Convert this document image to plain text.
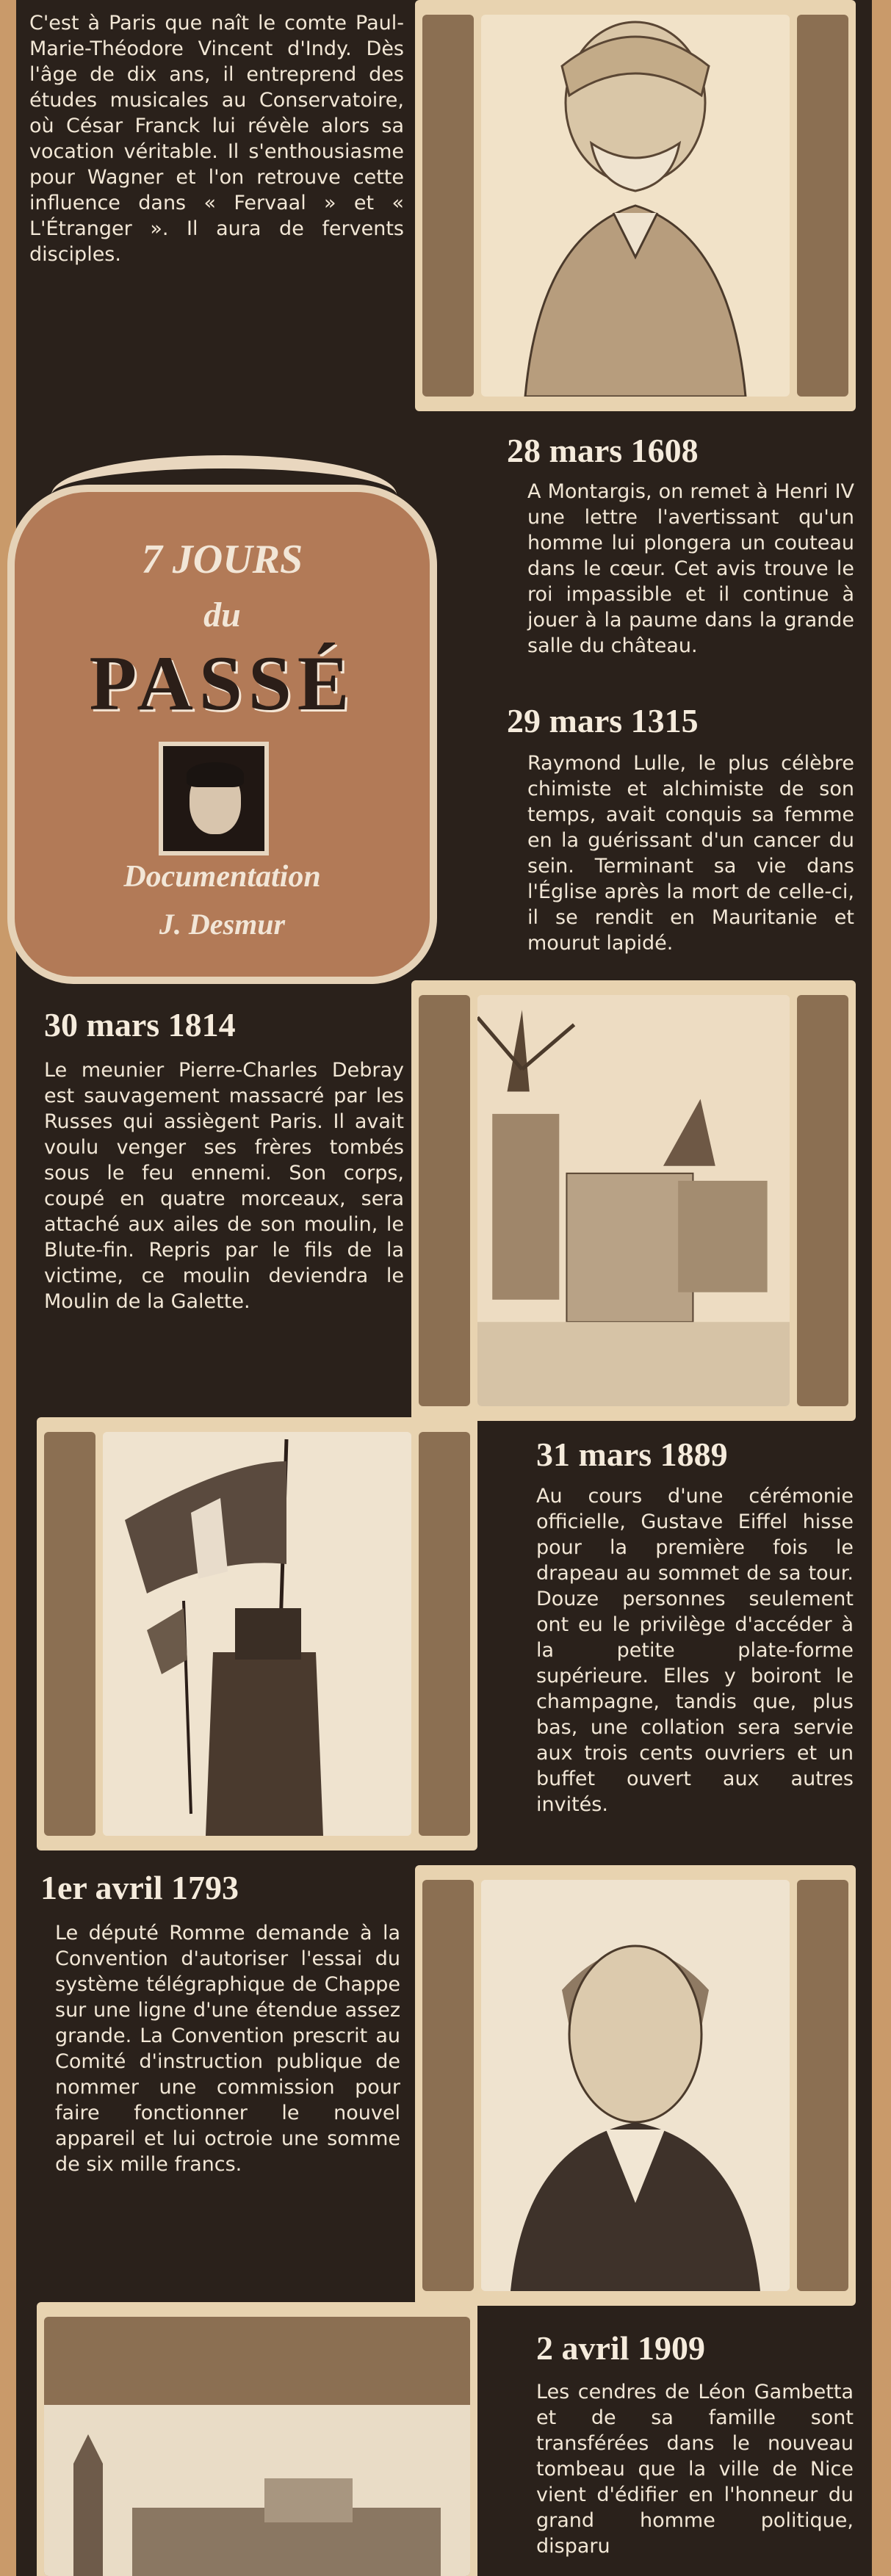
C'est à Paris que naît le comte Paul-Marie-Théodore Vincent d'Indy. Dès l'âge de dix ans, il entreprend des études musicales au Conservatoire, où César Franck lui révèle alors sa vocation véritable. Il s'enthousiasme pour Wagner et l'on retrouve cette influence dans « Fervaal » et « L'Étranger ». Il aura de fervents disciples.
7 JOURS
du
PASSÉ
Documentation
J. Desmur
28 mars 1608
A Montargis, on remet à Henri IV une lettre l'avertissant qu'un homme lui plongera un couteau dans le cœur. Cet avis trouve le roi impassible et il continue à jouer à la paume dans la grande salle du château.
29 mars 1315
Raymond Lulle, le plus célèbre chimiste et alchimiste de son temps, avait conquis sa femme en la guérissant d'un cancer du sein. Terminant sa vie dans l'Église après la mort de celle-ci, il se rendit en Mauritanie et mourut lapidé.
30 mars 1814
Le meunier Pierre-Charles Debray est sauvagement massacré par les Russes qui assiègent Paris. Il avait voulu venger ses frères tombés sous le feu ennemi. Son corps, coupé en quatre morceaux, sera attaché aux ailes de son moulin, le Blute-fin. Repris par le fils de la victime, ce moulin deviendra le Moulin de la Galette.
31 mars 1889
Au cours d'une cérémonie officielle, Gustave Eiffel hisse pour la première fois le drapeau au sommet de sa tour. Douze personnes seulement ont eu le privilège d'accéder à la petite plate-forme supérieure. Elles y boiront le champagne, tandis que, plus bas, une collation sera servie aux trois cents ouvriers et un buffet ouvert aux autres invités.
1er avril 1793
Le député Romme demande à la Convention d'autoriser l'essai du système télégraphique de Chappe sur une ligne d'une étendue assez grande. La Convention prescrit au Comité d'instruction publique de nommer une commission pour faire fonctionner le nouvel appareil et lui octroie une somme de six mille francs.
2 avril 1909
Les cendres de Léon Gambetta et de sa famille sont transférées dans le nouveau tombeau que la ville de Nice vient d'édifier en l'honneur du grand homme politique, disparu
